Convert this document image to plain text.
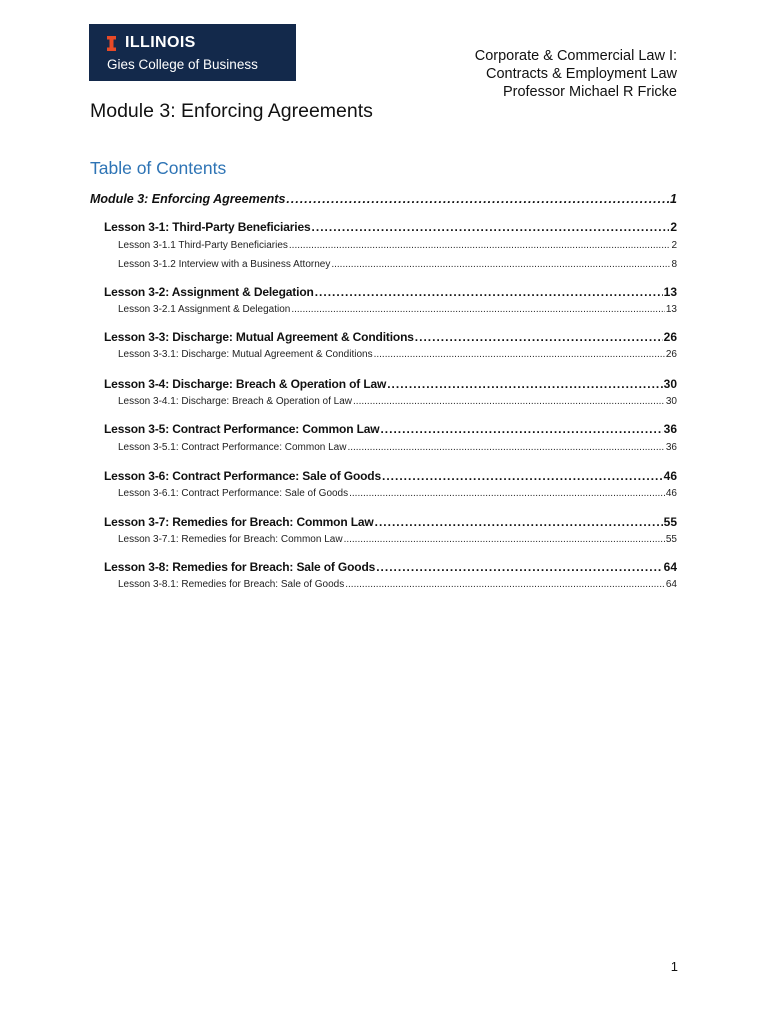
ILLINOIS
Gies College of Business
Corporate & Commercial Law I:
Contracts & Employment Law
Professor Michael R Fricke
Module 3: Enforcing Agreements
Table of Contents
Module 3: Enforcing Agreements .....	1
Lesson 3-1: Third-Party Beneficiaries .....	2
Lesson 3-1.1 Third-Party Beneficiaries .....	2
Lesson 3-1.2 Interview with a Business Attorney .....	8
Lesson 3-2: Assignment & Delegation .....	13
Lesson 3-2.1 Assignment & Delegation .....	13
Lesson 3-3: Discharge: Mutual Agreement & Conditions .....	26
Lesson 3-3.1: Discharge: Mutual Agreement & Conditions .....	26
Lesson 3-4: Discharge: Breach & Operation of Law .....	30
Lesson 3-4.1: Discharge: Breach & Operation of Law .....	30
Lesson 3-5: Contract Performance: Common Law .....	36
Lesson 3-5.1: Contract Performance: Common Law .....	36
Lesson 3-6: Contract Performance: Sale of Goods .....	46
Lesson 3-6.1: Contract Performance: Sale of Goods .....	46
Lesson 3-7: Remedies for Breach: Common Law .....	55
Lesson 3-7.1: Remedies for Breach: Common Law .....	55
Lesson 3-8: Remedies for Breach: Sale of Goods .....	64
Lesson 3-8.1: Remedies for Breach: Sale of Goods .....	64
1
